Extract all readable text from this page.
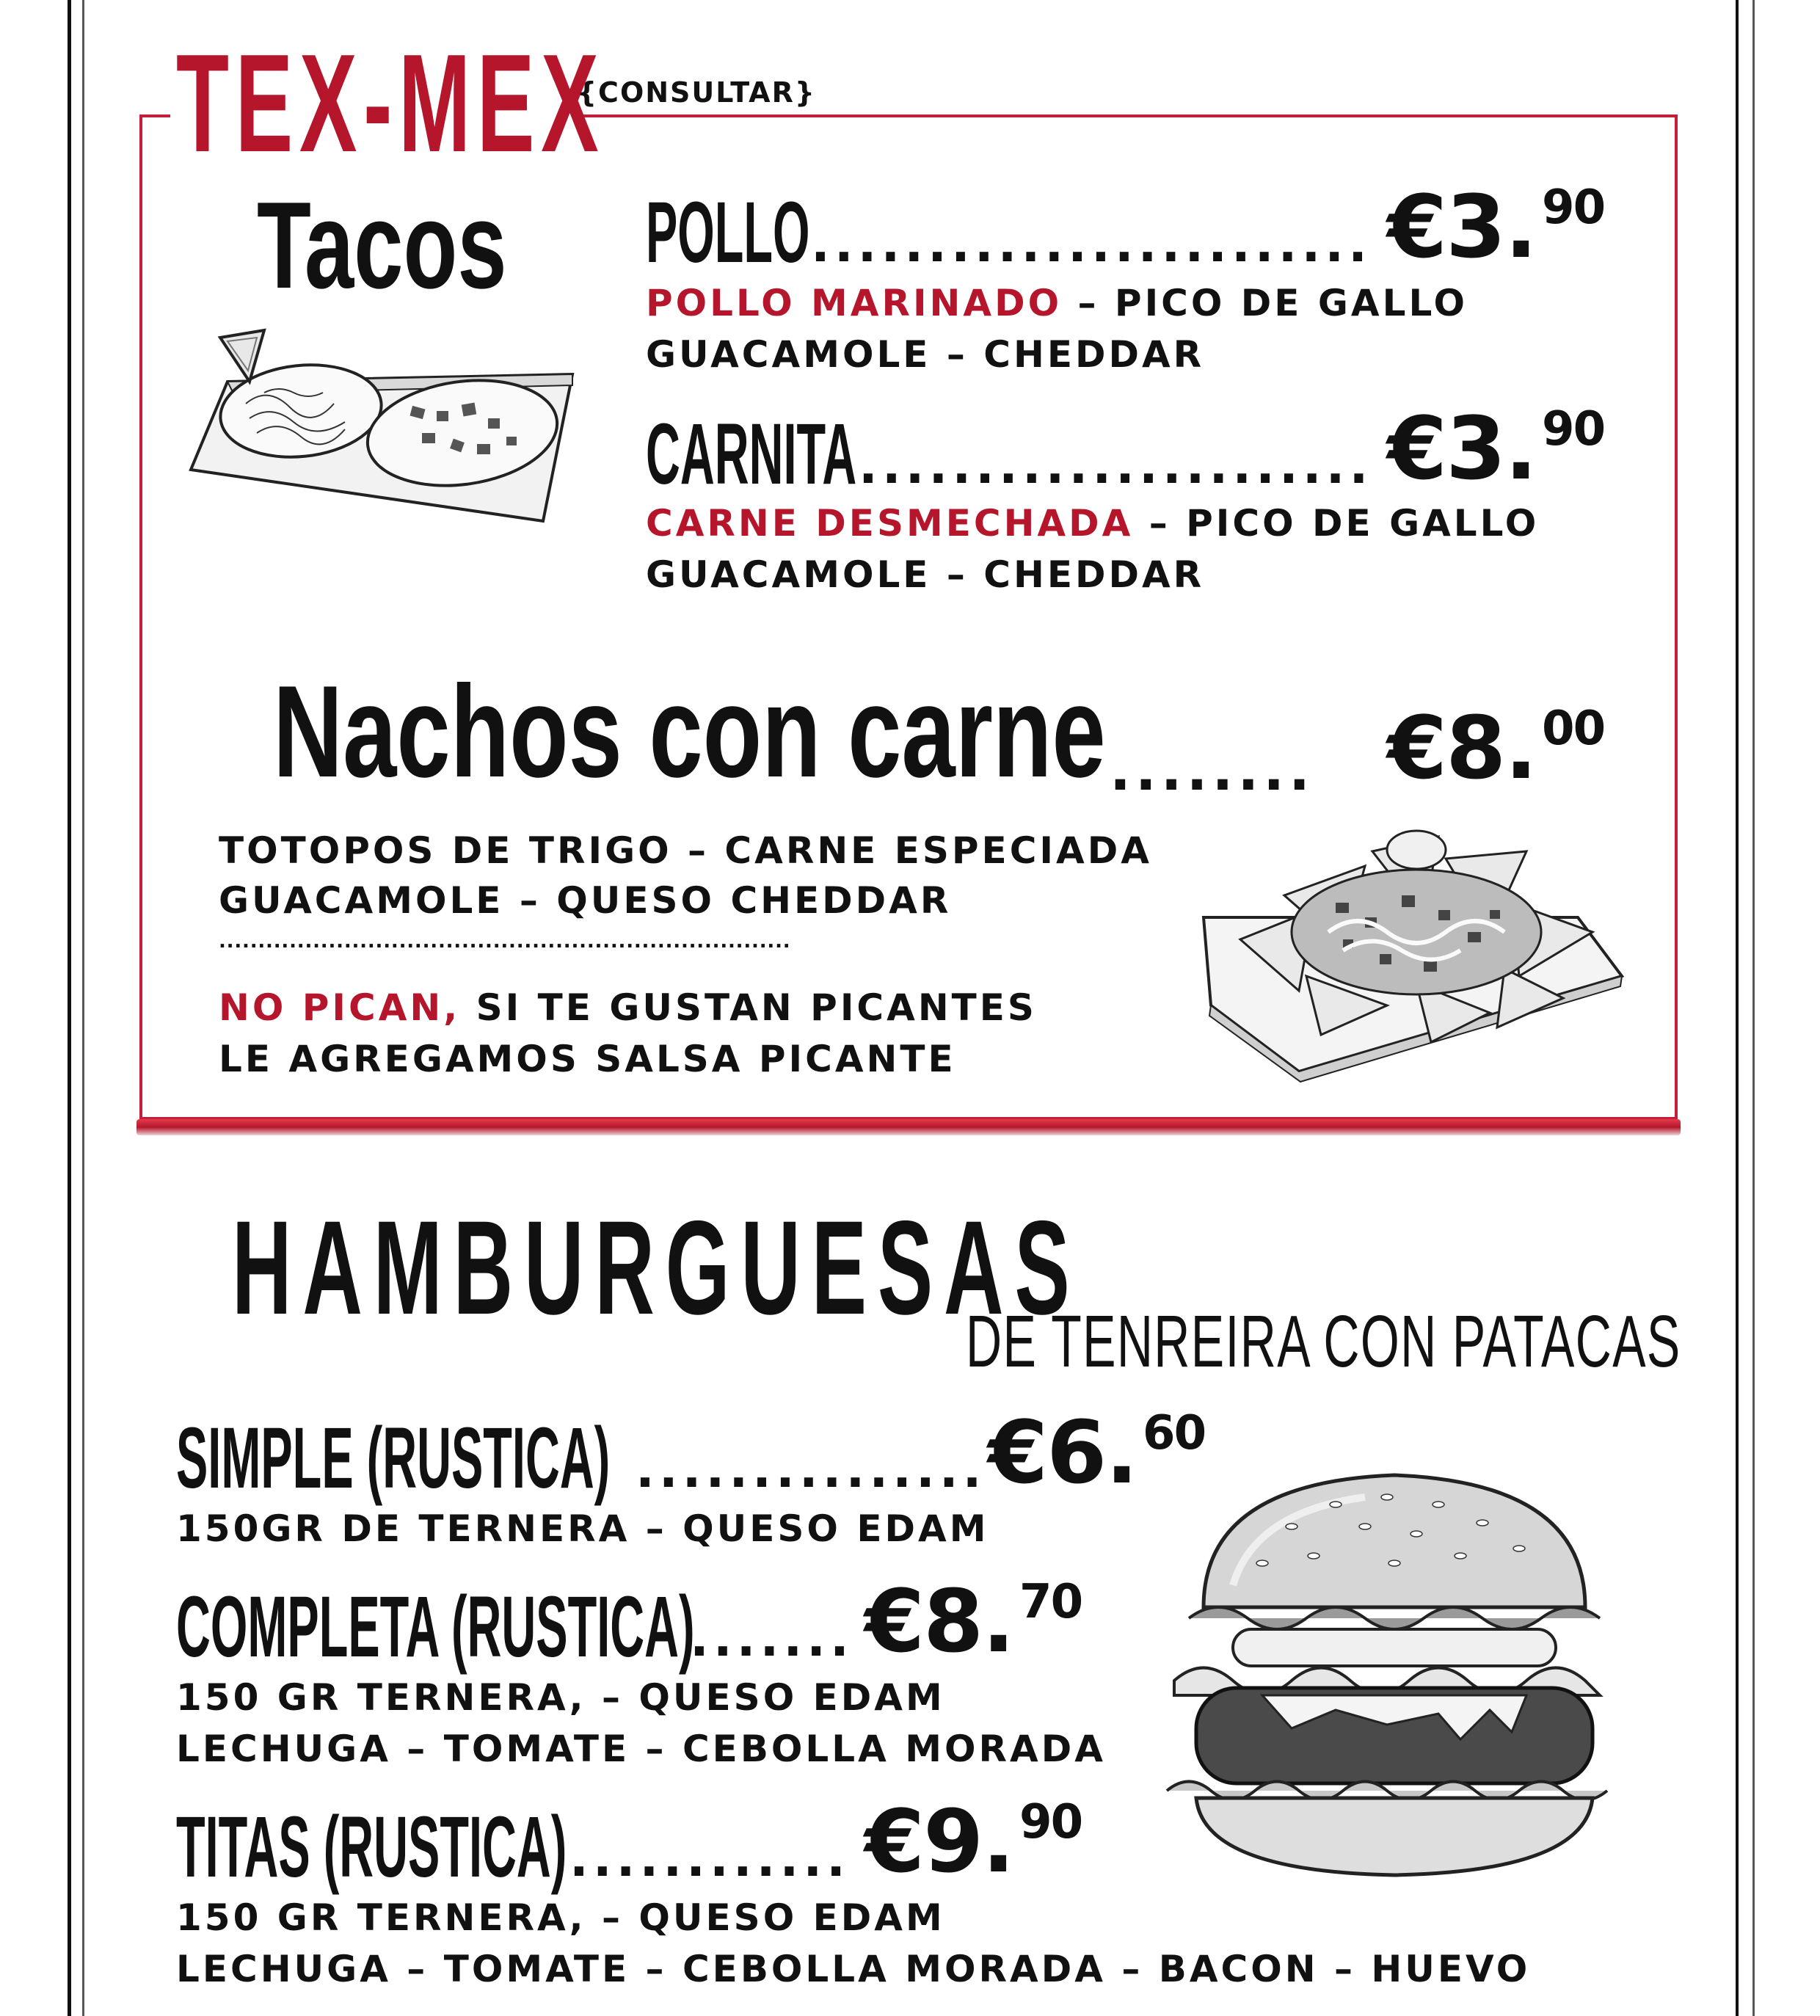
TEX-MEX
{CONSULTAR}
Tacos	POLLO ........................ €3. $^{90}$
POLLO MARINADO – PICO DE GALLO
GUACAMOLE – CHEDDAR
CARNITA ...................... €3. $^{90}$
CARNE DESMECHADA – PICO DE GALLO
GUACAMOLE – CHEDDAR
Nachos con carne ........ €8. $^{00}$
TOTOPOS DE TRIGO – CARNE ESPECIADA
GUACAMOLE – QUESO CHEDDAR
.........................................................................
NO PICAN, SI TE GUSTAN PICANTES
LE AGREGAMOS SALSA PICANTE
HAMBURGUESAS
DE TENREIRA CON PATACAS
SIMPLE (RUSTICA) ............... €6. $^{60}$
150GR DE TERNERA – QUESO EDAM
COMPLETA (RUSTICA)
....... €8. $^{70}$
150 GR TERNERA, – QUESO EDAM
LECHUGA – TOMATE – CEBOLLA MORADA
TITAS (RUSTICA) ............ €9. $^{90}$
150 GR TERNERA, – QUESO EDAM
LECHUGA – TOMATE – CEBOLLA MORADA – BACON – HUEVO
